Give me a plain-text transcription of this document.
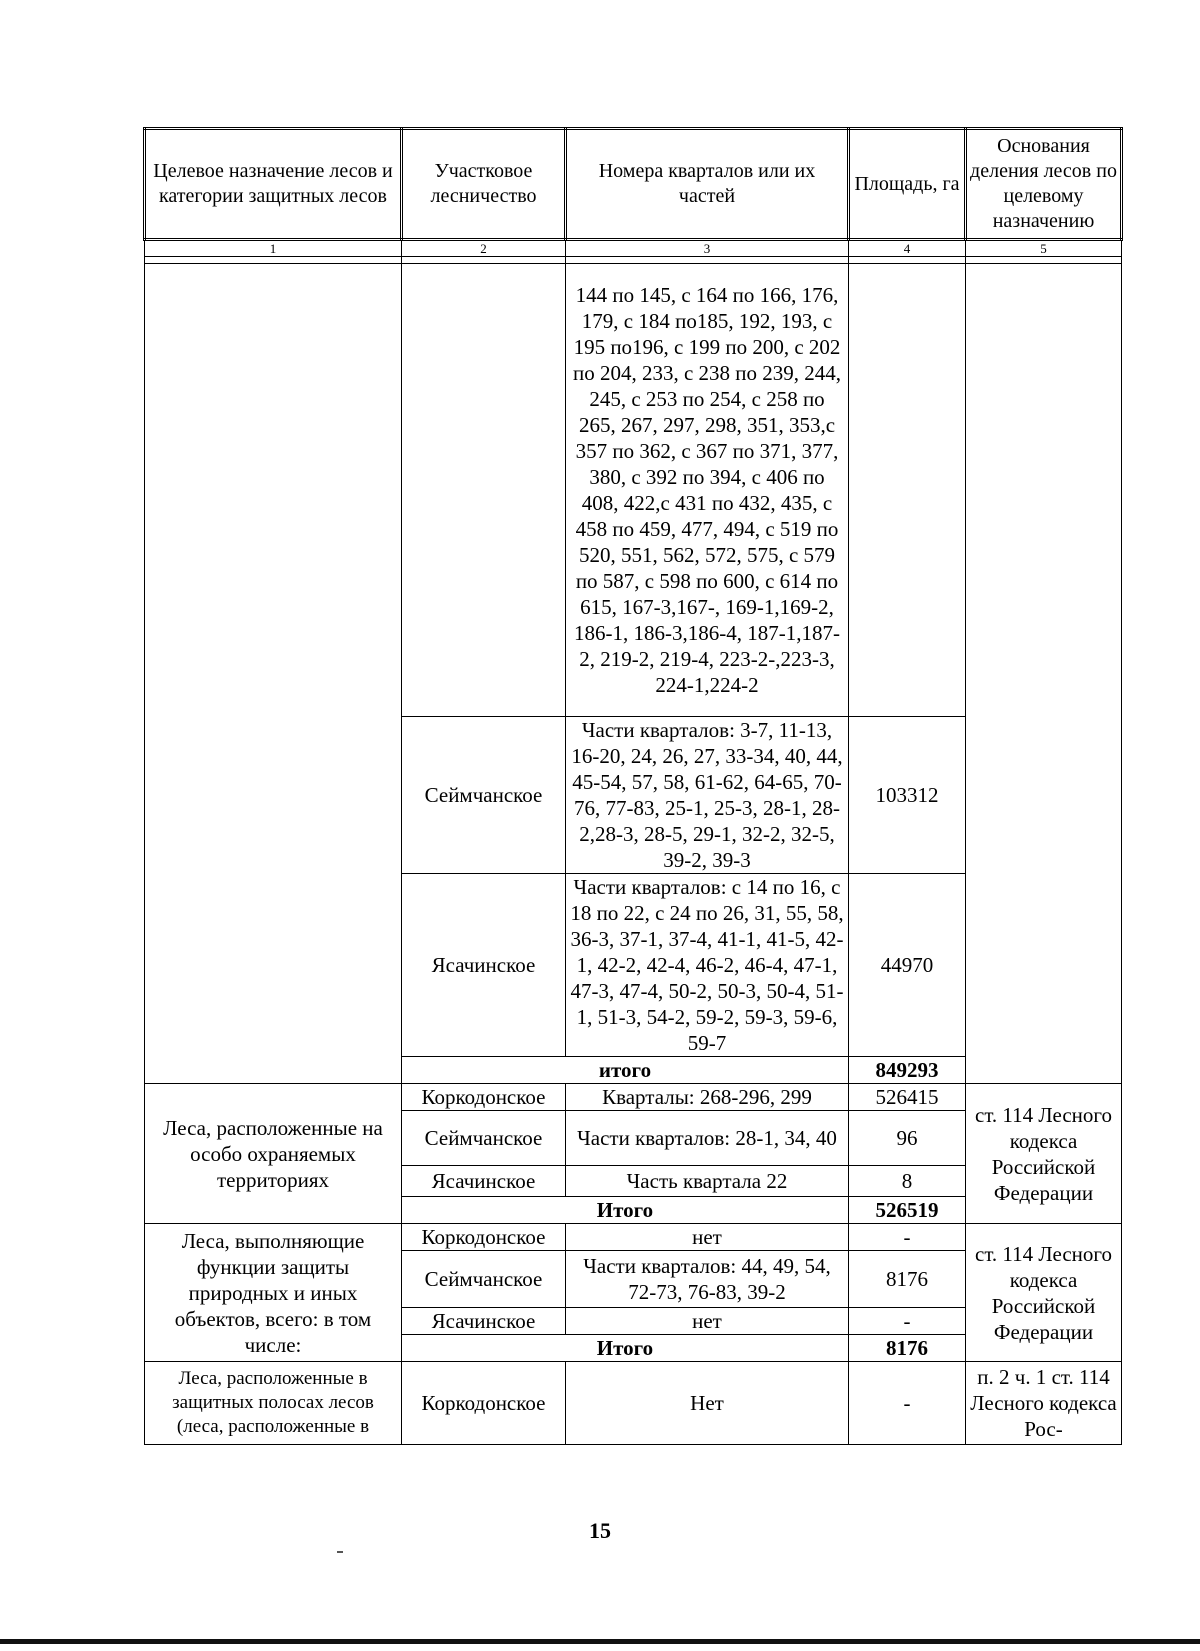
Целевое назначение лесов и категории защитных лесов	Участковое лесничество	Номера кварталов или их частей	Площадь, га	Основания деления лесов по целевому назначению
1	2	3	4	5

		144 по 145, с 164 по 166, 176, 179, с 184 по185, 192, 193, с 195 по196, с 199 по 200, с 202 по 204, 233, с 238 по 239, 244, 245, с 253 по 254, с 258 по 265, 267, 297, 298, 351, 353,с 357 по 362, с 367 по 371, 377, 380, с 392 по 394, с 406 по 408, 422,с 431 по 432, 435, с 458 по 459, 477, 494, с 519 по 520, 551, 562, 572, 575, с 579 по 587, с 598 по 600, с 614 по 615, 167-3,167-, 169-1,169-2, 186-1, 186-3,186-4, 187-1,187-2, 219-2, 219-4, 223-2-,223-3, 224-1,224-2		
	Сеймчанское	Части кварталов: 3-7, 11-13, 16-20, 24, 26, 27, 33-34, 40, 44, 45-54, 57, 58, 61-62, 64-65, 70-76, 77-83, 25-1, 25-3, 28-1, 28-2,28-3, 28-5, 29-1, 32-2, 32-5, 39-2, 39-3	103312	
	Ясачинское	Части кварталов: с 14 по 16, с 18 по 22, с 24 по 26, 31, 55, 58, 36-3, 37-1, 37-4, 41-1, 41-5, 42-1, 42-2, 42-4, 46-2, 46-4, 47-1, 47-3, 47-4, 50-2, 50-3, 50-4, 51-1, 51-3, 54-2, 59-2, 59-3, 59-6, 59-7	44970	
	итого		849293	
Леса, расположенные на особо охраняемых территориях	Коркодонское	Кварталы: 268-296, 299	526415	ст. 114 Лесного кодекса Российской Федерации
	Сеймчанское	Части кварталов: 28-1, 34, 40	96	
	Ясачинское	Часть квартала 22	8	
	Итого		526519	
Леса, выполняющие функции защиты природных и иных объектов, всего: в том числе:	Коркодонское	нет	-	ст. 114 Лесного кодекса Российской Федерации
	Сеймчанское	Части кварталов: 44, 49, 54, 72-73, 76-83, 39-2	8176	
	Ясачинское	нет	-	
	Итого		8176	
Леса, расположенные в защитных полосах лесов (леса, расположенные в	Коркодонское	Нет	-	п. 2 ч. 1 ст. 114 Лесного кодекса Рос-
15
